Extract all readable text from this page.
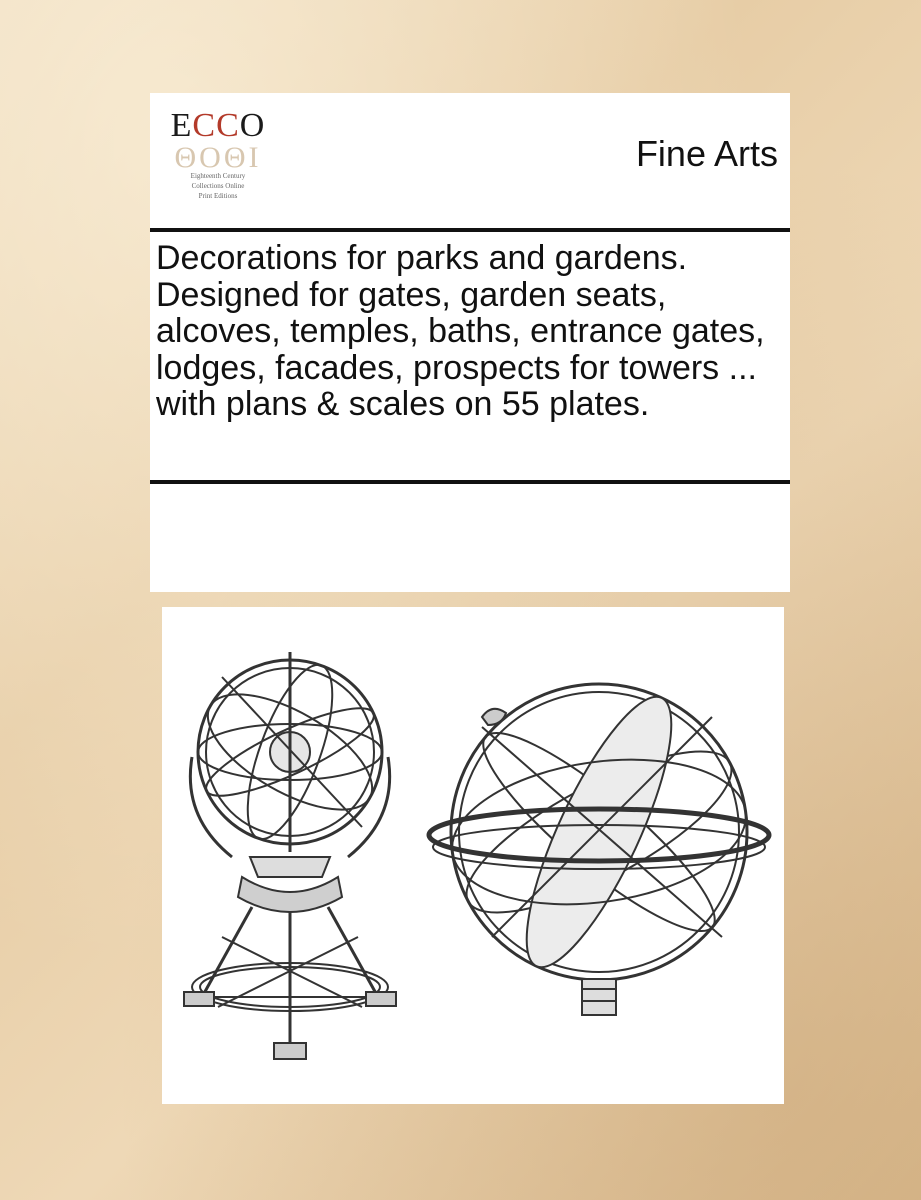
ECCO
ΘΟΘΙ
Eighteenth Century
Collections Online
Print Editions
Fine Arts
Decorations for parks and gardens. Designed for gates, garden seats, alcoves, temples, baths, entrance gates, lodges, facades, prospects for towers ... with plans & scales on 55 plates.
